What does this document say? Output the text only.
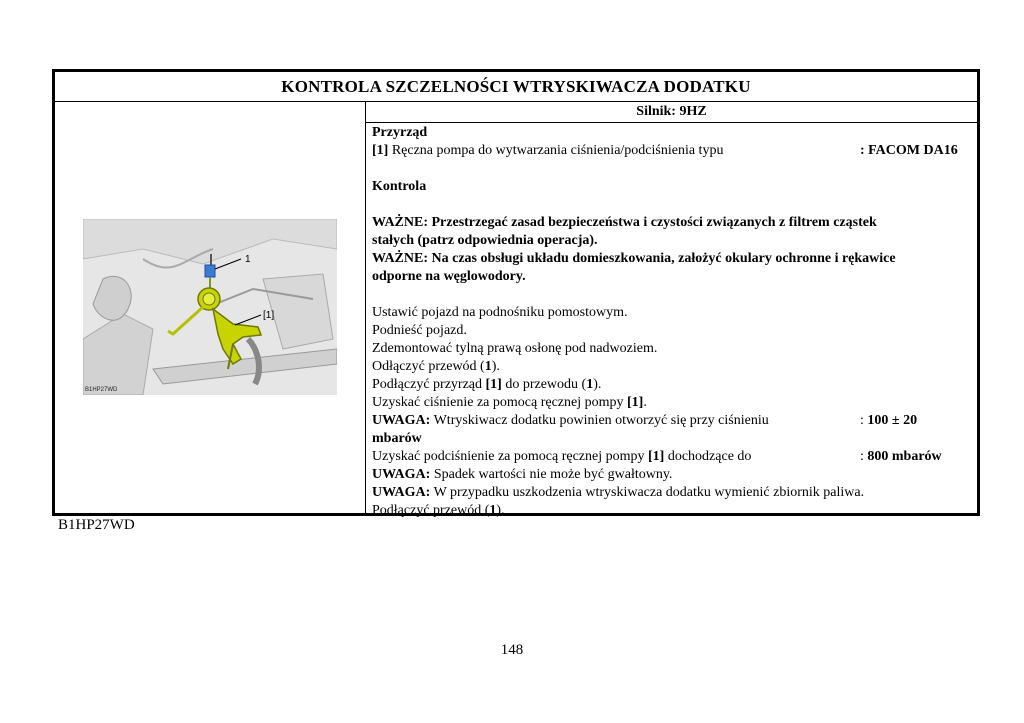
KONTROLA SZCZELNOŚCI WTRYSKIWACZA DODATKU
1
[1]
B1HP27WD
Silnik: 9HZ
Przyrząd
[1] Ręczna pompa do wytwarzania ciśnienia/podciśnienia typu	: FACOM DA16
Kontrola
WAŻNE: Przestrzegać zasad bezpieczeństwa i czystości związanych z filtrem cząstek
stałych (patrz odpowiednia operacja).
WAŻNE: Na czas obsługi układu domieszkowania, założyć okulary ochronne i rękawice
odporne na węglowodory.
Ustawić pojazd na podnośniku pomostowym.
Podnieść pojazd.
Zdemontować tylną prawą osłonę pod nadwoziem.
Odłączyć przewód (1).
Podłączyć przyrząd [1] do przewodu (1).
Uzyskać ciśnienie za pomocą ręcznej pompy [1].
UWAGA: Wtryskiwacz dodatku powinien otworzyć się przy ciśnieniu	: 100 ± 20
mbarów
Uzyskać podciśnienie za pomocą ręcznej pompy [1] dochodzące do	: 800 mbarów
UWAGA: Spadek wartości nie może być gwałtowny.
UWAGA: W przypadku uszkodzenia wtryskiwacza dodatku wymienić zbiornik paliwa.
Podłączyć przewód (1).
B1HP27WD
148
